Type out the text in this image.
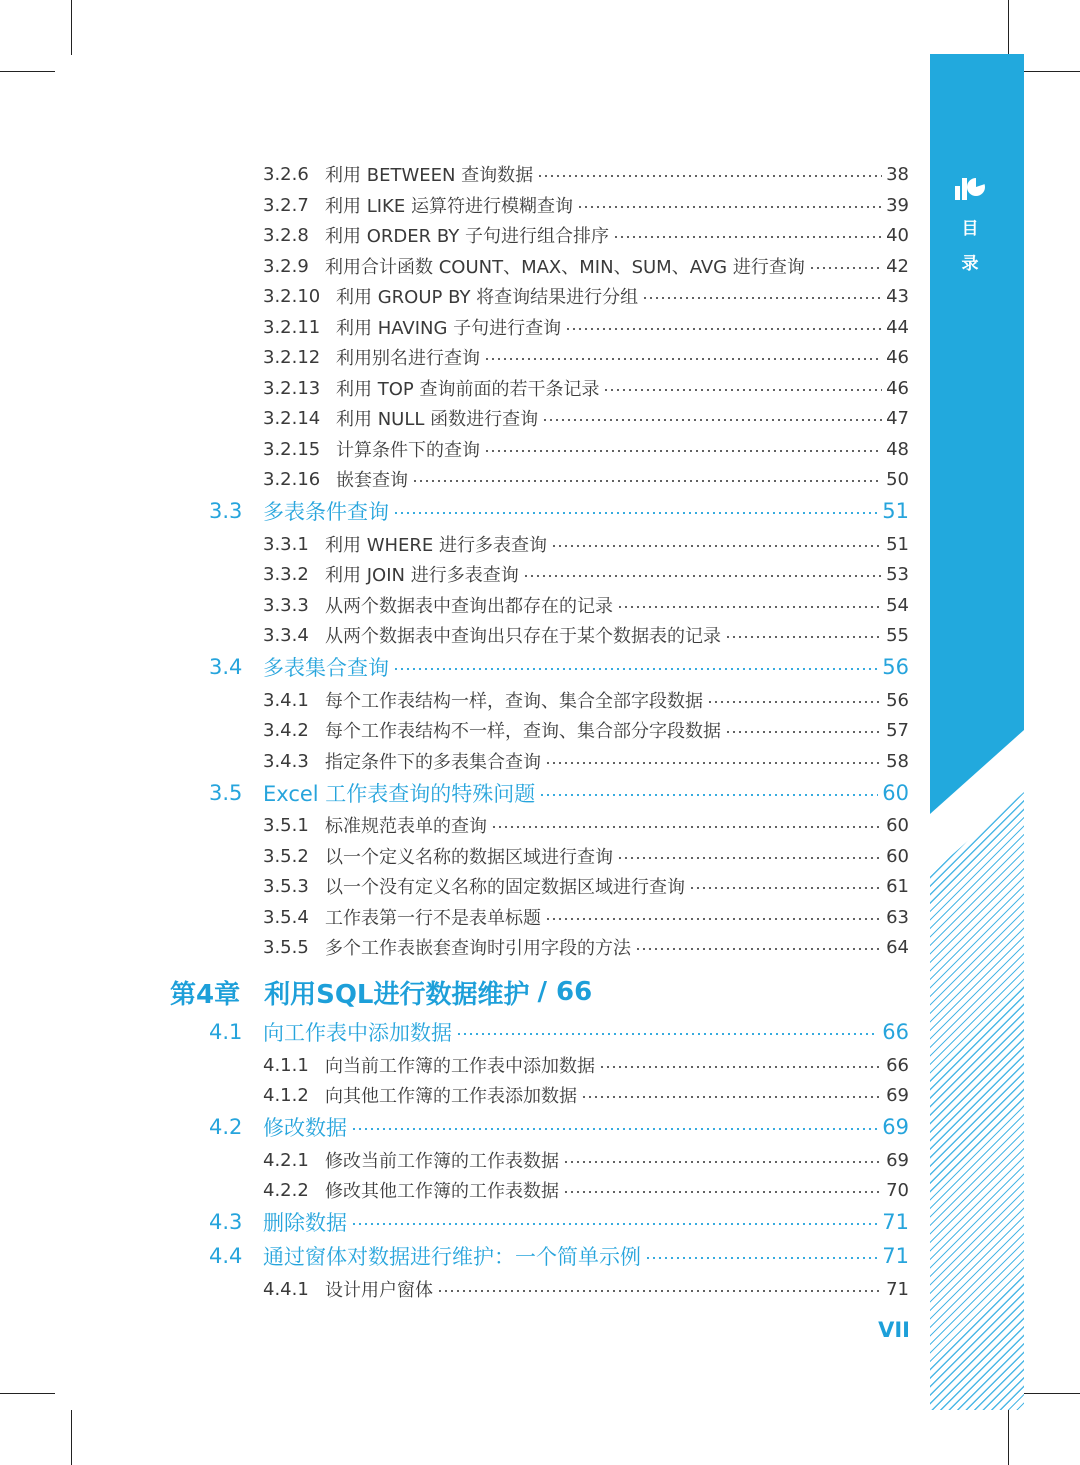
目
录
3.2.6 利用 BETWEEN 查询数据	38
3.2.7 利用 LIKE 运算符进行模糊查询	39
3.2.8 利用 ORDER BY 子句进行组合排序	40
3.2.9 利用合计函数 COUNT、MAX、MIN、SUM、AVG 进行查询	42
3.2.10 利用 GROUP BY 将查询结果进行分组	43
3.2.11 利用 HAVING 子句进行查询	44
3.2.12 利用别名进行查询	46
3.2.13 利用 TOP 查询前面的若干条记录	46
3.2.14 利用 NULL 函数进行查询	47
3.2.15 计算条件下的查询	48
3.2.16 嵌套查询	50
3.3 多表条件查询	51
3.3.1 利用 WHERE 进行多表查询	51
3.3.2 利用 JOIN 进行多表查询	53
3.3.3 从两个数据表中查询出都存在的记录	54
3.3.4 从两个数据表中查询出只存在于某个数据表的记录	55
3.4 多表集合查询	56
3.4.1 每个工作表结构一样，查询、集合全部字段数据	56
3.4.2 每个工作表结构不一样，查询、集合部分字段数据	57
3.4.3 指定条件下的多表集合查询	58
3.5 Excel 工作表查询的特殊问题	60
3.5.1 标准规范表单的查询	60
3.5.2 以一个定义名称的数据区域进行查询	60
3.5.3 以一个没有定义名称的固定数据区域进行查询	61
3.5.4 工作表第一行不是表单标题	63
3.5.5 多个工作表嵌套查询时引用字段的方法	64
第4章 利用SQL进行数据维护 / 66
4.1 向工作表中添加数据	66
4.1.1 向当前工作簿的工作表中添加数据	66
4.1.2 向其他工作簿的工作表添加数据	69
4.2 修改数据	69
4.2.1 修改当前工作簿的工作表数据	69
4.2.2 修改其他工作簿的工作表数据	70
4.3 删除数据	71
4.4 通过窗体对数据进行维护：一个简单示例	71
4.4.1 设计用户窗体	71
VII
